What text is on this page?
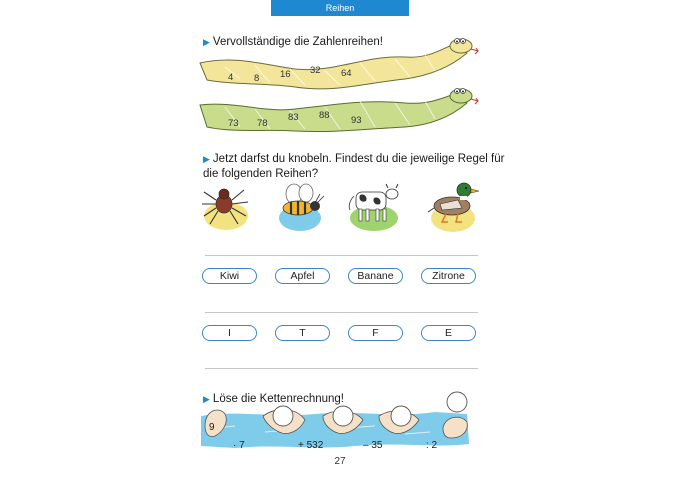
Reihen
▶ Vervollständige die Zahlenreihen!
4 8 16 32 64
73 78
83 88 93
▶ Jetzt darfst du knobeln. Findest du die jeweilige Regel für
die folgenden Reihen?
Kiwi	Apfel	Banane	Zitrone
I	T	F	E
▶ Löse die Kettenrechnung!
9
· 7	+ 532	– 35	: 2
27
